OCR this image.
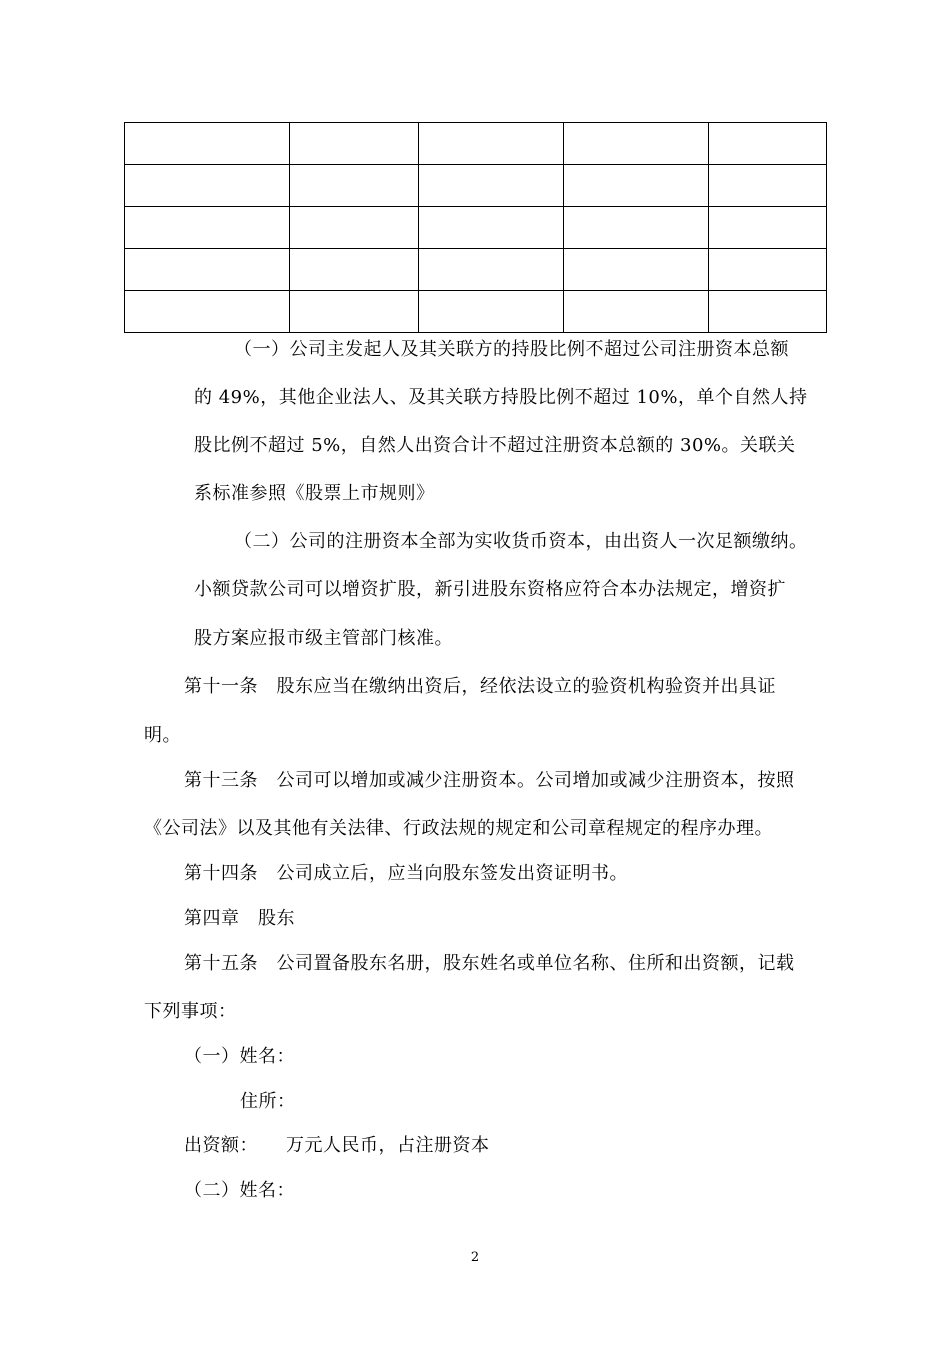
（一）公司主发起人及其关联方的持股比例不超过公司注册资本总额
的 49%，其他企业法人、及其关联方持股比例不超过 10%，单个自然人持
股比例不超过 5%，自然人出资合计不超过注册资本总额的 30%。关联关
系标准参照《股票上市规则》
（二）公司的注册资本全部为实收货币资本，由出资人一次足额缴纳。
小额贷款公司可以增资扩股，新引进股东资格应符合本办法规定，增资扩
股方案应报市级主管部门核准。
第十一条　股东应当在缴纳出资后，经依法设立的验资机构验资并出具证
明。
第十三条　公司可以增加或减少注册资本。公司增加或减少注册资本，按照
《公司法》以及其他有关法律、行政法规的规定和公司章程规定的程序办理。
第十四条　公司成立后，应当向股东签发出资证明书。
第四章　股东
第十五条　公司置备股东名册，股东姓名或单位名称、住所和出资额，记载
下列事项：
（一）姓名：
住所：
出资额：　　万元人民币，占注册资本
（二）姓名：
2
